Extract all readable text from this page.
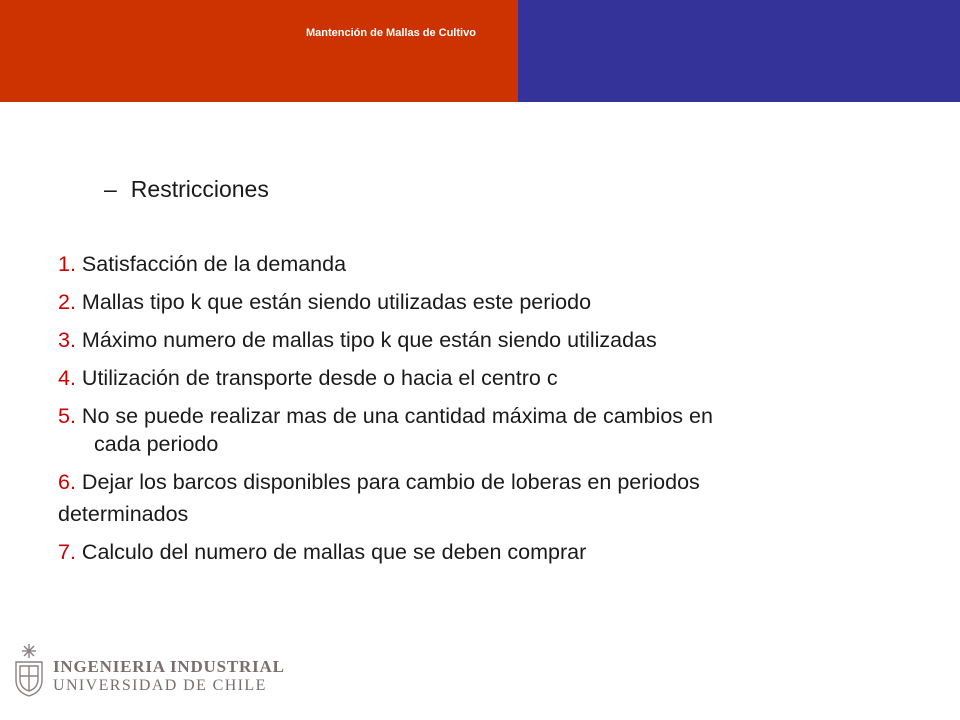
Mantención de Mallas de Cultivo
– Restricciones
1. Satisfacción de la demanda
2. Mallas tipo k que están siendo utilizadas este periodo
3. Máximo numero de mallas tipo k que están siendo utilizadas
4. Utilización de transporte desde o hacia el centro c
5. No se puede realizar mas de una cantidad máxima de cambios en
cada periodo
6. Dejar los barcos disponibles para cambio de loberas en periodos
determinados
7. Calculo del numero de mallas que se deben comprar
INGENIERIA INDUSTRIAL
UNIVERSIDAD DE CHILE
